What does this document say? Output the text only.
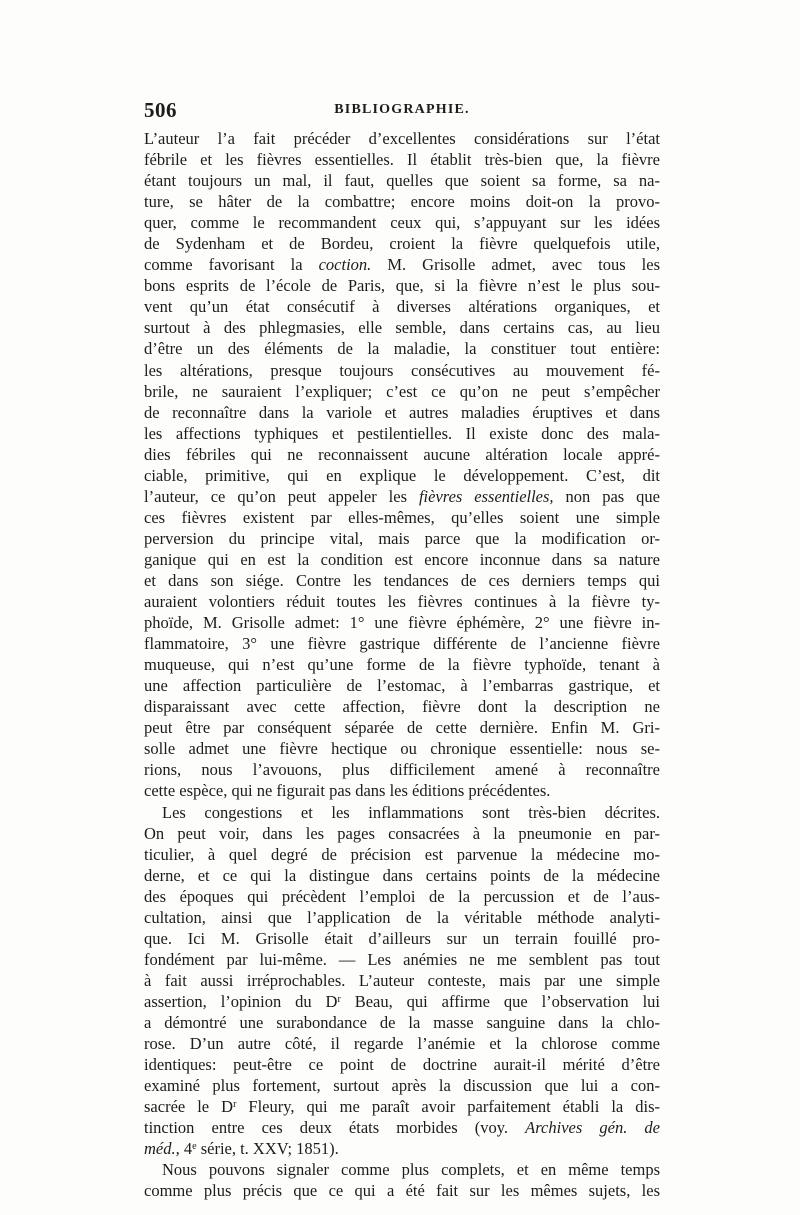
506	BIBLIOGRAPHIE.
L’auteur l’a fait précéder d’excellentes considérations sur l’état
fébrile et les fièvres essentielles. Il établit très-bien que, la fièvre
étant toujours un mal, il faut, quelles que soient sa forme, sa na-
ture, se hâter de la combattre; encore moins doit-on la provo-
quer, comme le recommandent ceux qui, s’appuyant sur les idées
de Sydenham et de Bordeu, croient la fièvre quelquefois utile,
comme favorisant la coction. M. Grisolle admet, avec tous les
bons esprits de l’école de Paris, que, si la fièvre n’est le plus sou-
vent qu’un état consécutif à diverses altérations organiques, et
surtout à des phlegmasies, elle semble, dans certains cas, au lieu
d’être un des éléments de la maladie, la constituer tout entière:
les altérations, presque toujours consécutives au mouvement fé-
brile, ne sauraient l’expliquer; c’est ce qu’on ne peut s’empêcher
de reconnaître dans la variole et autres maladies éruptives et dans
les affections typhiques et pestilentielles. Il existe donc des mala-
dies fébriles qui ne reconnaissent aucune altération locale appré-
ciable, primitive, qui en explique le développement. C’est, dit
l’auteur, ce qu’on peut appeler les fièvres essentielles, non pas que
ces fièvres existent par elles-mêmes, qu’elles soient une simple
perversion du principe vital, mais parce que la modification or-
ganique qui en est la condition est encore inconnue dans sa nature
et dans son siége. Contre les tendances de ces derniers temps qui
auraient volontiers réduit toutes les fièvres continues à la fièvre ty-
phoïde, M. Grisolle admet: 1° une fièvre éphémère, 2° une fièvre in-
flammatoire, 3° une fièvre gastrique différente de l’ancienne fièvre
muqueuse, qui n’est qu’une forme de la fièvre typhoïde, tenant à
une affection particulière de l’estomac, à l’embarras gastrique, et
disparaissant avec cette affection, fièvre dont la description ne
peut être par conséquent séparée de cette dernière. Enfin M. Gri-
solle admet une fièvre hectique ou chronique essentielle: nous se-
rions, nous l’avouons, plus difficilement amené à reconnaître
cette espèce, qui ne figurait pas dans les éditions précédentes.
Les congestions et les inflammations sont très-bien décrites.
On peut voir, dans les pages consacrées à la pneumonie en par-
ticulier, à quel degré de précision est parvenue la médecine mo-
derne, et ce qui la distingue dans certains points de la médecine
des époques qui précèdent l’emploi de la percussion et de l’aus-
cultation, ainsi que l’application de la véritable méthode analyti-
que. Ici M. Grisolle était d’ailleurs sur un terrain fouillé pro-
fondément par lui-même. — Les anémies ne me semblent pas tout
à fait aussi irréprochables. L’auteur conteste, mais par une simple
assertion, l’opinion du $D^r$ Beau, qui affirme que l’observation lui
a démontré une surabondance de la masse sanguine dans la chlo-
rose. D’un autre côté, il regarde l’anémie et la chlorose comme
identiques: peut-être ce point de doctrine aurait-il mérité d’être
examiné plus fortement, surtout après la discussion que lui a con-
sacrée le $D^r$ Fleury, qui me paraît avoir parfaitement établi la dis-
tinction entre ces deux états morbides (voy. Archives gén. de
méd., 4e série, t. XXV; 1851).
Nous pouvons signaler comme plus complets, et en même temps
comme plus précis que ce qui a été fait sur les mêmes sujets, les
